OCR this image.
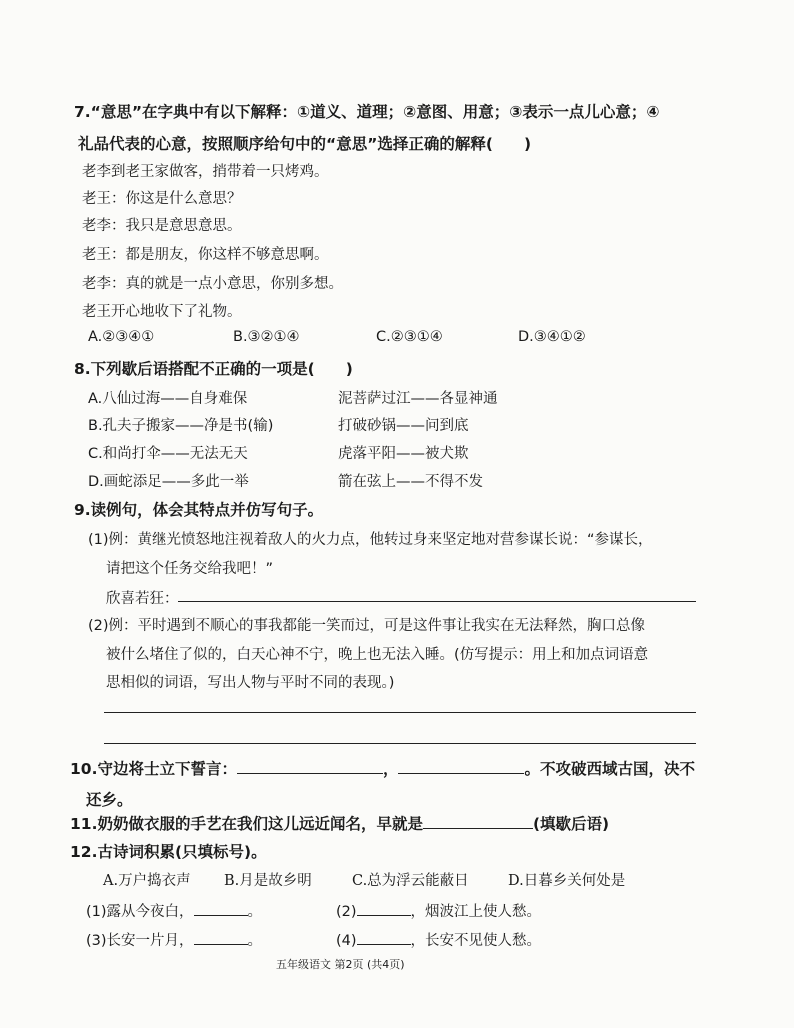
7.“意思”在字典中有以下解释：①道义、道理；②意图、用意；③表示一点儿心意；④
礼品代表的心意，按照顺序给句中的“意思”选择正确的解释(　　)
老李到老王家做客，捎带着一只烤鸡。
老王：你这是什么意思？
老李：我只是意思意思。
老王：都是朋友，你这样不够意思啊。
老李：真的就是一点小意思，你别多想。
老王开心地收下了礼物。
A.②③④①	B.③②①④	C.②③①④	D.③④①②
8.下列歇后语搭配不正确的一项是(　　)
A.八仙过海——自身难保	泥菩萨过江——各显神通
B.孔夫子搬家——净是书(输)	打破砂锅——问到底
C.和尚打伞——无法无天	虎落平阳——被犬欺
D.画蛇添足——多此一举	箭在弦上——不得不发
9.读例句，体会其特点并仿写句子。
(1)例：黄继光愤怒地注视着敌人的火力点，他转过身来坚定地对营参谋长说：“参谋长，
请把这个任务交给我吧！”
欣喜若狂：
(2)例：平时遇到不顺心的事我都能一笑而过，可是这件事让我实在无法释然，胸口总像
被什么堵住了似的，白天心神不宁，晚上也无法入睡。(仿写提示：用上和加点词语意
思相似的词语，写出人物与平时不同的表现。)
10.守边将士立下誓言：	，	。不攻破西域古国，决不
还乡。
11.奶奶做衣服的手艺在我们这儿远近闻名，早就是	(填歇后语)
12.古诗词积累(只填标号)。
A.万户捣衣声 B.月是故乡明	C.总为浮云能蔽日	D.日暮乡关何处是
(1)露从今夜白，	。	(2)	，烟波江上使人愁。
(3)长安一片月，	。	(4)	，长安不见使人愁。
五年级语文 第2页 (共4页)
